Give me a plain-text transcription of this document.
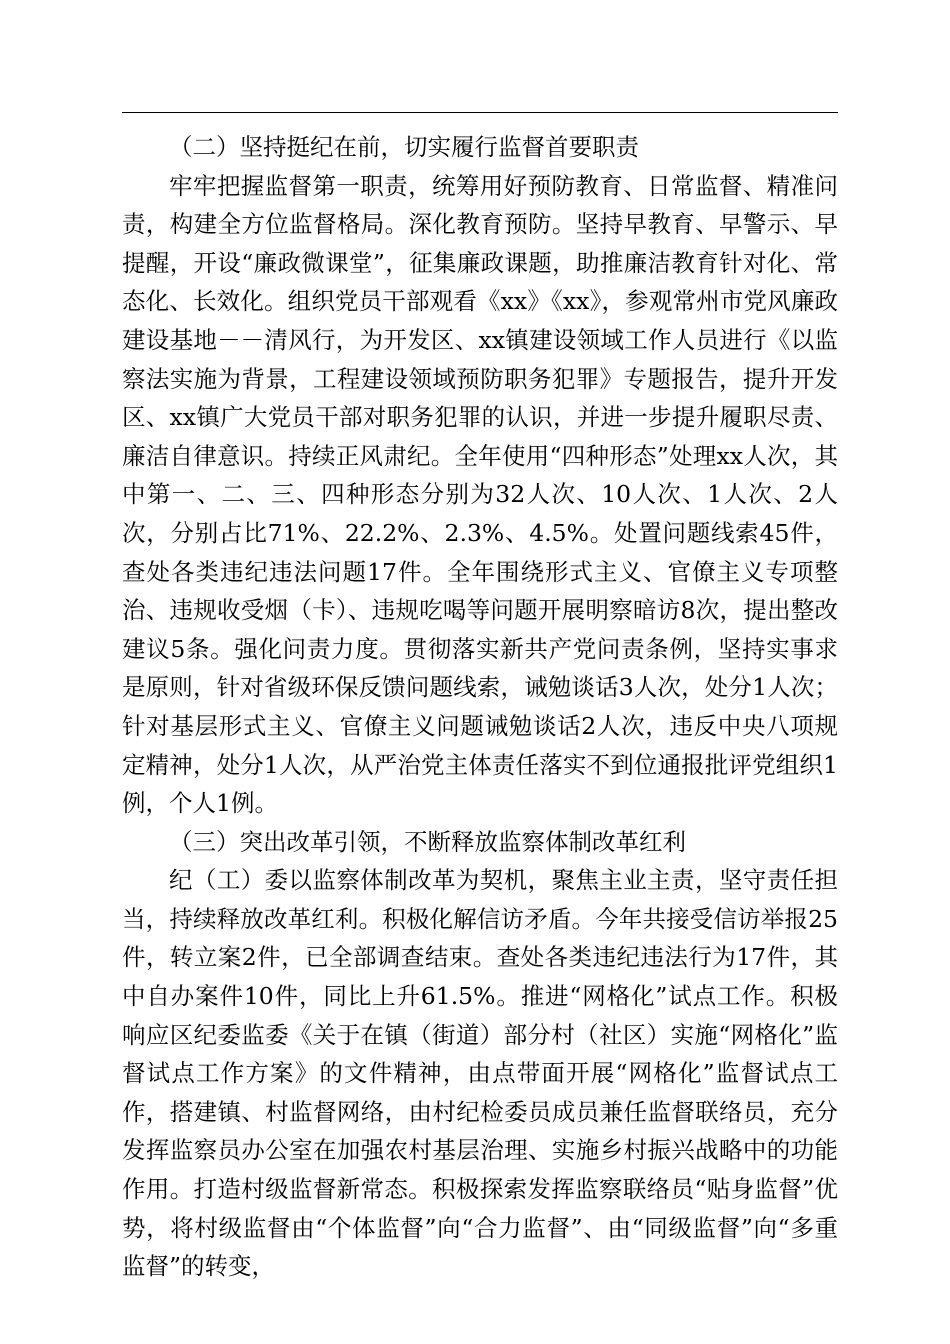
（二）坚持挺纪在前，切实履行监督首要职责

牢牢把握监督第一职责，统筹用好预防教育、日常监督、精准问责，构建全方位监督格局。深化教育预防。坚持早教育、早警示、早提醒，开设“廉政微课堂”，征集廉政课题，助推廉洁教育针对化、常态化、长效化。组织党员干部观看《xx》《xx》，参观常州市党风廉政建设基地－－清风行，为开发区、xx镇建设领域工作人员进行《以监察法实施为背景，工程建设领域预防职务犯罪》专题报告，提升开发区、xx镇广大党员干部对职务犯罪的认识，并进一步提升履职尽责、廉洁自律意识。持续正风肃纪。全年使用“四种形态”处理xx人次，其中第一、二、三、四种形态分别为32人次、10人次、1人次、2人次，分别占比71%、22.2%、2.3%、4.5%。处置问题线索45件，查处各类违纪违法问题17件。全年围绕形式主义、官僚主义专项整治、违规收受烟（卡）、违规吃喝等问题开展明察暗访8次，提出整改建议5条。强化问责力度。贯彻落实新共产党问责条例，坚持实事求是原则，针对省级环保反馈问题线索，诫勉谈话3人次，处分1人次；针对基层形式主义、官僚主义问题诫勉谈话2人次，违反中央八项规定精神，处分1人次，从严治党主体责任落实不到位通报批评党组织1例，个人1例。

（三）突出改革引领，不断释放监察体制改革红利

纪（工）委以监察体制改革为契机，聚焦主业主责，坚守责任担当，持续释放改革红利。积极化解信访矛盾。今年共接受信访举报25件，转立案2件，已全部调查结束。查处各类违纪违法行为17件，其中自办案件10件，同比上升61.5%。推进“网格化”试点工作。积极响应区纪委监委《关于在镇（街道）部分村（社区）实施“网格化”监督试点工作方案》的文件精神，由点带面开展“网格化”监督试点工作，搭建镇、村监督网络，由村纪检委员成员兼任监督联络员，充分发挥监察员办公室在加强农村基层治理、实施乡村振兴战略中的功能作用。打造村级监督新常态。积极探索发挥监察联络员“贴身监督”优势，将村级监督由“个体监督”向“合力监督”、由“同级监督”向“多重监督”的转变，
